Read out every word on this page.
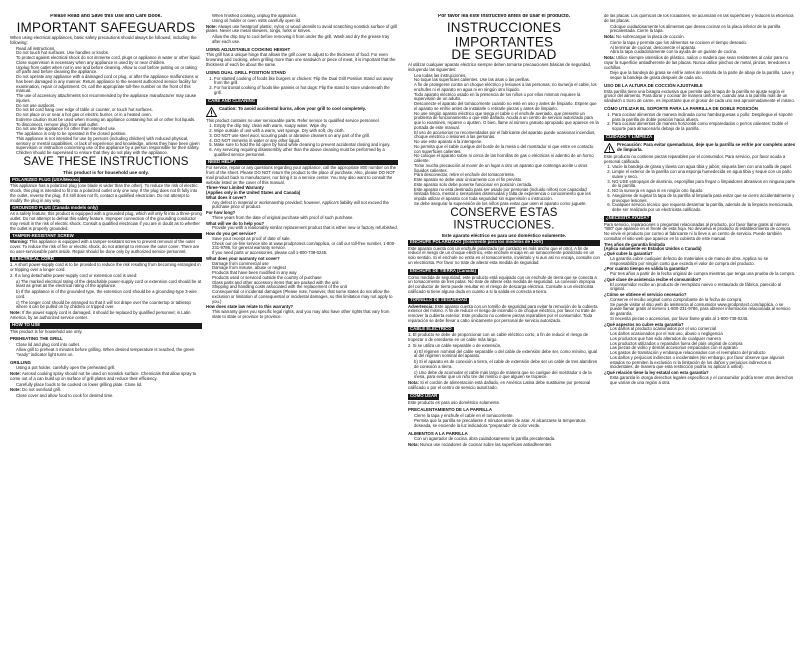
Please Read and Save this Use and Care Book.
IMPORTANT SAFEGUARDS

When using electrical appliances, basic safety precautions should always be followed, including the following:

• Read all instructions.
• Do not touch hot surfaces. Use handles or knobs.
• To protect against electrical shock do not immerse cord, plugs or appliance in water or other liquid.
• Close supervision is necessary when any appliance is used by or near children.
• Unplug from outlet when not in use and before cleaning. Allow to cool before putting on or taking off parts and before cleaning the appliance.
• Do not operate any appliance with a damaged cord or plug, or after the appliance malfunctions or has been damaged in any manner. Return appliance to the nearest authorized service facility for examination, repair or adjustment. Or, call the appropriate toll-free number on the front of this manual.
• The use of accessory attachments not recommended by the appliance manufacturer may cause injuries.
• Do not use outdoors.
• Do not let cord hang over edge of table or counter, or touch hot surfaces.
• Do not place on or near a hot gas or electric burner, or in a heated oven.
• Extreme caution must be used when moving an appliance containing hot oil or other hot liquids.
• To disconnect, remove plug from wall outlet.
• Do not use the appliance for other than intended use.
• The appliance is only to be operated in the closed position.
• This appliance is not intended for use by persons (including children) with reduced physical, sensory or mental capabilities, or lack of experience and knowledge, unless they have been given supervision or instruction concerning use of the appliance by a person responsible for their safety.
• Children should be supervised to ensure that they do not play with the appliance.
SAVE THESE INSTRUCTIONS
This product is for household use only.
POLARIZED PLUG (USA/Mexico)

This appliance has a polarized plug (one blade is wider than the other). To reduce the risk of electric shock, this plug is intended to fit into a polarized outlet only one way. If the plug does not fit fully into the outlet, reverse the plug. If it still does not fit, contact a qualified electrician. Do not attempt to modify the plug in any way.

GROUNDED PLUG (Canada models only)

As a safety feature, this product is equipped with a grounded plug, which will only fit into a three-prong outlet. Do not attempt to defeat this safety feature. Improper connection of the grounding conductor may result in the risk of electric shock. Consult a qualified electrician if you are in doubt as to whether the outlet is properly grounded.

TAMPER-RESISTANT SCREW

Warning: This appliance is equipped with a tamper-resistant screw to prevent removal of the outer cover. To reduce the risk of fire or electric shock, do not attempt to remove the outer cover. There are no user-serviceable parts inside. Repair should be done only by authorized service personnel.

ELECTRICAL CORD

1. A short power-supply cord is to be provided to reduce the risk resulting from becoming entangled in or tripping over a longer cord.

2. If a long detachable power-supply cord or extension cord is used:

a) The marked electrical rating of the detachable power-supply cord or extension cord should be at least as great as the electrical rating of the appliance.

b) If the appliance is of the grounded type, the extension cord should be a grounding-type 3-wire cord.

c) The longer cord should be arranged so that it will not drape over the countertop or tabletop where it can be pulled on by children or tripped over.

Note: If the power supply cord is damaged, it should be replaced by qualified personnel; in Latin America, by an authorized service center.

HOW TO USE

This product is for household use only.

PREHEATING THE GRILL
• Close lid and plug cord into outlet.
• Allow grill to preheat 4 minutes before grilling. When desired temperature is reached, the green "ready" indicator light turns on.
GRILLING
• Using a pot holder, carefully open the preheated grill.

Note: Aerosol cooking spray should not be used on nonstick surface. Chemicals that allow spray to come out of a can build up on surface of grill plates and reduce their efficiency.

• Carefully place foods to be cooked on lower grilling plate. Close lid.

Note: Do not overload grill.

• Close cover and allow food to cook for desired time.
• When finished cooking, unplug the appliance.
• Using oil holder or oven mitts carefully open lid.

Note: Always use heatproof plastic, nylon or wood utensils to avoid scratching nonstick surface of grill plates. Never use metal skewers, tongs, forks or knives.

• Allow the drip tray to cool before removing it from under the grill. Wash and dry the grease tray after each use.
USING ADJUSTABLE COOKING HEIGHT

This grill has a unique hinge that allows the grill cover to adjust to the thickness of food. For even browning and cooking, when grilling more than one sandwich or piece of meat, it is important that the thickness of each be about the same.

USING DUAL GRILL POSITION STAND
1. For slanted cooking of foods like burgers or chicken: Flip the Dual Grill Position Stand out away from the grill.
2. For horizontal cooking of foods like paninis or hot dogs: Flip the stand to store underneath the grill.
CARE AND CLEANING
Caution: To avoid accidental burns, allow your grill to cool completely.

This product contains no user serviceable parts. Refer service to qualified service personnel.

1. Empty the drip tray, clean with warm, soapy water. Wipe dry.
2. Wipe outside of unit with a warm, wet sponge. Dry with soft, dry cloth.
3. DO NOT use steel wool, scouring pads or abrasive cleaners on any part of the grill.
4. DO NOT immerse in water or any other liquid.
5. Make sure to hold the lid open by hand while cleaning to prevent accidental closing and injury.
6. Any servicing requiring disassembly other than the above cleaning must be performed by a qualified service personnel.
NEED HELP?

For service, repair or any questions regarding your appliance, call the appropriate 800 number on the front of the sheet. Please DO NOT return the product to the place of purchase. Also, please DO NOT mail product back to manufacturer, nor bring it to a service center. You may also want to consult the website listed on the cover of this manual.

Three-Year Limited Warranty
(Applies only in the United States and Canada)
What does it cover?
• Any defect in material or workmanship provided; however, Applica's liability will not exceed the purchase price of product.
For how long?
• Three years from the date of original purchase with proof of such purchase.
What will we do to help you?
• Provide you with a reasonably similar replacement product that is either new or factory refurbished.
How do you get service?
• Save your receipt as proof of date of sale.
• Check our on-line service site at www.prodprotect.com/applica, or call our toll-free number, 1-800-231-9786, for general warranty service.
• If you need parts or accessories, please call 1-800-738-0245.
What does your warranty not cover?
• Damage from commercial use
• Damage from misuse, abuse or neglect
• Products that have been modified in any way
• Products used or serviced outside the country of purchase
• Glass parts and other accessory items that are packed with the unit
• Shipping and handling costs associated with the replacement of the unit
• Consequential or incidental damages (Please note, however, that some states do not allow the exclusion or limitation of consequential or incidental damages, so this limitation may not apply to you.)
How does state law relate to this warranty?
• This warranty gives you specific legal rights, and you may also have other rights that vary from state to state or province to province.
Por favor lea este instructivo antes de usar el producto.
INSTRUCCIONES IMPORTANTES
DE SEGURIDAD

Al utilizar cualquier aparato eléctrico siempre deben tomarse precauciones básicas de seguridad, incluyendo las siguientes:

• Lea todas las instrucciones.
• No toque las superficies calientes. Use las asas o las perillas.
• A fin de protegerse contra un choque eléctrico y lesiones a las personas, no sumerja el cable, los enchufes ni el aparato en agua ni en ningún otro líquido.
• Todo aparato eléctrico usado en la presencia de los niños o por ellos mismos requiere la supervisión de un adulto.
• Desconecte el aparato del tomacorriente cuando no esté en uso y antes de limpiarlo. Espere que el aparato se enfríe antes de instalarle o retirarle piezas y antes de limpiarlo.
• No use ningún aparato eléctrico que tenga el cable o el enchufe averiado, que presente un problema de funcionamiento o que esté dañado. Acuda a un centro de servicio autorizado para que lo examinen, reparen o ajusten. O bien, llame al número gratuito apropiado que aparece en la portada de este manual.
• El uso de accesorios no recomendados por el fabricante del aparato puede ocasionar incendios, choque eléctrico o lesiones a las personas.
• No use este aparato a la intemperie.
• No permita que el cable cuelgue del borde de la mesa o del mostrador ni que entre en contacto con superficies calientes.
• No coloque el aparato sobre ni cerca de las hornillas de gas o eléctricas ni adentro de un horno caliente.
• Tome mucha precaución al mover de un lugar a otro un aparato que contenga aceite u otros líquidos calientes.
• Para desconectar, retire el enchufe del tomacorriente.
• Este aparato se debe usar únicamente con el fin previsto.
• Este aparato solo debe ponerse funcionar en posición cerrada.
• Este aparato no está destinado para ser usado por personas (incluido niños) con capacidad limitada física, mental o sensoriales disminuidas y falta de experiencia o conocimiento que les impida utilizar el aparato con toda seguridad sin supervisión o instrucción.
• Se debe asegurar la supervisión de los niños para evitar que usen el aparato como juguete.
CONSERVE ESTAS INSTRUCCIONES.
Este aparato eléctrico es para uso doméstico solamente.
ENCHUFE POLARIZADO (Solamente para los modelos de 120V)

Este aparato cuenta con un enchufe polarizado (un contacto es más ancho que el otro). A fin de reducir el riesgo de un choque eléctrico, este enchufe encaja en un tomacorriente polarizado en un solo sentido. Si el enchufe no entra en el tomacorriente, inviértalo y si aun así no encaja, consulte con un electricista. Por favor no trate de alterar esta medida de seguridad.

ENCHUFE DE TIERRA (Canadá)

Como medida de seguridad, este producto está equipado con un enchufe de tierra que se conecta a un tomacorriente de tres patas. No trate de alterar esta medida de seguridad. La conexión impropia del conductor de tierra puede resultar en el riesgo de descarga eléctrica. Consulte a un electricista calificado si tiene alguna duda en cuanto a si la salida es correcta a tierra.

TORNILLO DE SEGURIDAD

Advertencia: Este aparato cuenta con un tornillo de seguridad para evitar la remoción de la cubierta exterior del mismo. A fin de reducir el riesgo de incendio o de choque eléctrico, por favor no trate de remover la cubierta exterior. Este producto no contiene piezas reparables por el consumidor. Toda reparación se debe llevar a cabo únicamente por personal de servicio autorizado.

CABLE ELÉCTRICO

1. El producto se debe de proporcionar con un cable eléctrico corto, a fin de reducir el riesgo de tropezar o de enredarse en un cable más largo.

2. Si se utiliza un cable separable o de extensión,

a) El régimen nominal del cable separable o del cable de extensión debe ser, como mínimo, igual al del régimen nominal del aparato.

b) Si el aparato es de conexión a tierra, el cable de extensión debe ser un cable de tres alambres de conexión a tierra.

c) Uno debe de acomodar el cable más largo de manera que no cuelgue del mostrador o de la mesa, para evitar que un niño tire del mismo o que alguien se tropiece.

Nota: Si el cordón de alimentación está dañado, en América Latina debe sustituirse por personal calificado o por el centro de servicio autorizado.

COMO USAR

Este producto es para uso doméstico solamente.

PRECALENTAMIENTO DE LA PARRILLA
• Cierre la tapa y enchufe el cable en el tomacorriente.
• Permita que la parrilla se precaliente 4 minutos antes de asar. Al alcanzarse la temperatura deseada, se enciende la luz indicadora "preparado" de color verde.
ALIMENTOS A LA PARRILLA
• Con un agarrador de cocina, abra cuidadosamente la parrilla precalentada.

Nota: Nunca use rociadores de cocinar sobre las superficies antiadherentes

de las placas. Los químicos de los rociadores, se acumulan en las superficies y reducen la eficiencia de las placas.

• Coloque cuidadosamente los alimentos que desea cocinar en la placa inferior de la parrilla precalentada. Cierre la tapa.

Nota: No sobrecargue la placa de cocción.

• Cierre la tapa y permita que los alimentos se cocinen el tiempo deseado.
• Al terminar de cocinar, desconecte el aparato.
• Abra la tapa cuidadosamente con la ayuda de un guante de cocina.

Nota: Utilice siempre utensilios de plástico, nailon o madera que sean resistentes al calor para no rayar la superficie antiadherente de las placas. Nunca utilice pinchos de metal, pinzas, tenedores o cuchillos.

• Deje que la bandeja de grasa se enfríe antes de retirarla de la parte de abajo de la parrilla. Lave y seque la bandeja de grasa después de cada uso.
USO DE LA ALTURA DE COCCIÓN AJUSTABLE

Esta parrilla tiene una bisagra exclusiva que permite que la tapa de la parrilla se ajuste según el grosor del alimento. Para dorar y cocinar de manera uniforme, cuando asa a la parrilla más de un sándwich o trozo de carne, es importante que el grosor de cada uno sea aproximadamente el mismo.

CÓMO UTILIZAR EL SOPORTE PARA LA PARRILLA DE DOBLE POSICIÓN
1. Para cocinar alimentos de manera inclinada como hamburguesas o pollo: Despliegue el soporte para la parrilla de doble posición hacia afuera.
2. Para cocinar alimentos de manera horizontal como emparedados o perros calientes: Doble el soporte para almacenarlo debajo de la parrilla.
CUIDADO Y LIMPIEZA
Precaución: Para evitar quemaduras, deje que la parrilla se enfríe por completo antes de limpiarla.

Este producto no contiene piezas reparables por el consumidor. Para servicio, por favor acuda a personal calificado.

1. Vacíe la bandeja de grasa y lávela con agua tibia y jabón; séquela bien con una toalla de papel.
2. Limpie el exterior de la parrilla con una esponja humedecida en agua tibia y seque con un paño suave y seco.
3. NO USE estropajos de aluminio, esponjillas para fregar o limpiadores abrasivos en ninguna parte de la parrilla.
4. NO la sumerja en agua ni en ningún otro líquido.
5. Asegúrese de sujetar la tapa de la parrilla al limpiarla para evitar que se cierre accidentalmente y provoque lesiones.
6. Cualquier servicio técnico que requiera desarmar la parrilla, además de la limpieza mencionada, debe ser realizado por un electricista calificado.
¿NECESITA AYUDA?

Para servicio, reparaciones o preguntas relacionadas al producto, por favor llame gratis al número "800" que aparece en el frente de esta hoja. No devuelva el producto al establecimiento de compra. No envíe el producto por correo al fabricante ni lo lleve a un centro de servicio. Puede también consultar el sitio web que aparece en la cubierta de este manual.

Tres años de garantía limitada
(Aplica solamente en Estados Unidos o Canadá)
¿Qué cubre la garantía?
• La garantía cubre cualquier defecto de materiales o de mano de obra. Applica no se responsabiliza por ningún costo que exceda el valor de compra del producto.
¿Por cuánto tiempo es válida la garantía?
• Por tres años a partir de la fecha original de compra mientras que tenga una prueba de la compra.
¿Qué clase de asistencia recibe el consumidor?
• El consumidor recibe un producto de reemplazo nuevo o restaurado de fábrica, parecido al original.
¿Cómo se obtiene el servicio necesario?
• Conserve el recibo original como comprobante de la fecha de compra.
• Se puede visitar el sitio web de asistencia al consumidor www.prodprotect.com/applica, o se puede llamar gratis al número 1-800-231-9786, para obtener información relacionada al servicio de garantía.
• Si necesita piezas o accesorios, por favor llame gratis al 1-800-738-0245.
¿Qué aspectos no cubre esta garantía?
• Los daños al producto ocasionados por el uso comercial
• Los daños ocasionados por el mal uso, abuso o negligencia
• Los productos que han sido alterados de cualquier manera
• Los productos utilizados o reparados fuera del país original de compra
• Las piezas de vidrio y demás accesorios empacados con el aparato
• Los gastos de tramitación y embarque relacionados con el reemplazo del producto
• Los daños y perjuicios indirectos o incidentales (sin embargo, por favor observe que algunos estados no permiten la exclusión ni la limitación de los daños y perjuicios indirectos ni incidentales, de manera que esta restricción podría no aplicar a usted).
¿Qué relación tiene la ley estatal con esta garantía?
• Esta garantía le otorga derechos legales específicos y el consumidor podría tener otros derechos que varían de una región a otra.
